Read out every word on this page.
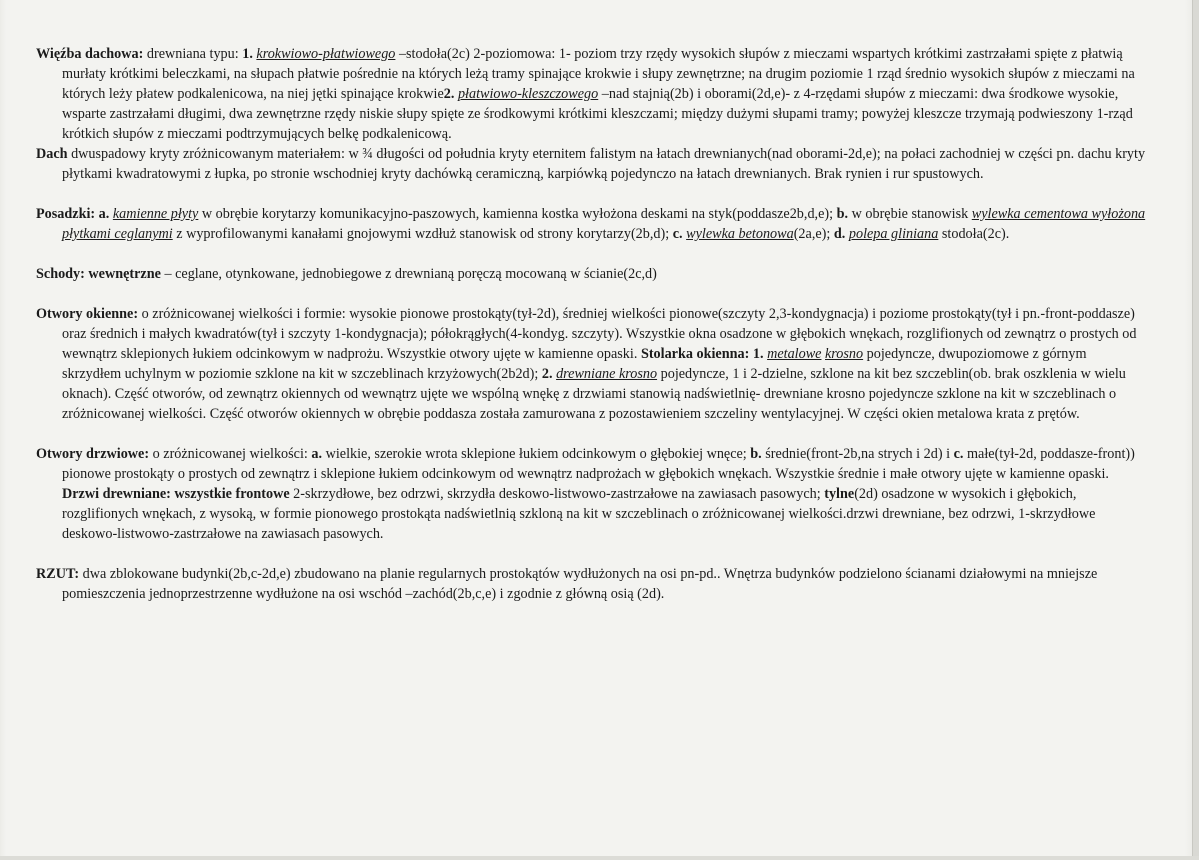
Więźba dachowa: drewniana typu: 1. krokwiowo-płatwiowego –stodoła(2c) 2-poziomowa: 1- poziom trzy rzędy wysokich słupów z mieczami wspartych krótkimi zastrzałami spięte z płatwią murłaty krótkimi beleczkami, na słupach płatwie pośrednie na których leżą tramy spinające krokwie i słupy zewnętrzne; na drugim poziomie 1 rząd średnio wysokich słupów z mieczami na których leży płatew podkalenicowa, na niej jętki spinające krokwie2. płatwiowo-kleszczowego –nad stajnią(2b) i oborami(2d,e)- z 4-rzędami słupów z mieczami: dwa środkowe wysokie, wsparte zastrzałami długimi, dwa zewnętrzne rzędy niskie słupy spięte ze środkowymi krótkimi kleszczami; między dużymi słupami tramy; powyżej kleszcze trzymają podwieszony 1-rząd krótkich słupów z mieczami podtrzymujących belkę podkalenicową.
Dach dwuspadowy kryty zróżnicowanym materiałem: w ¾ długości od południa kryty eternitem falistym na łatach drewnianych(nad oborami-2d,e); na połaci zachodniej w części pn. dachu kryty płytkami kwadratowymi z łupka, po stronie wschodniej kryty dachówką ceramiczną, karpiówką pojedynczo na łatach drewnianych. Brak rynien i rur spustowych.
Posadzki: a. kamienne płyty w obrębie korytarzy komunikacyjno-paszowych, kamienna kostka wyłożona deskami na styk(poddasze2b,d,e); b. w obrębie stanowisk wylewka cementowa wyłożona płytkami ceglanymi z wyprofilowanymi kanałami gnojowymi wzdłuż stanowisk od strony korytarzy(2b,d); c. wylewka betonowa(2a,e); d. polepa gliniana stodoła(2c).
Schody: wewnętrzne – ceglane, otynkowane, jednobiegowe z drewnianą poręczą mocowaną w ścianie(2c,d)
Otwory okienne: o zróżnicowanej wielkości i formie: wysokie pionowe prostokąty(tył-2d), średniej wielkości pionowe(szczyty 2,3-kondygnacja) i poziome prostokąty(tył i pn.-front-poddasze) oraz średnich i małych kwadratów(tył i szczyty 1-kondygnacja); półokrągłych(4-kondyg. szczyty). Wszystkie okna osadzone w głębokich wnękach, rozglifionych od zewnątrz o prostych od wewnątrz sklepionych łukiem odcinkowym w nadprożu. Wszystkie otwory ujęte w kamienne opaski. Stolarka okienna: 1. metalowe krosno pojedyncze, dwupoziomowe z górnym skrzydłem uchylnym w poziomie szklone na kit w szczeblinach krzyżowych(2b2d); 2. drewniane krosno pojedyncze, 1 i 2-dzielne, szklone na kit bez szczeblin(ob. brak oszklenia w wielu oknach). Część otworów, od zewnątrz okiennych od wewnątrz ujęte we wspólną wnękę z drzwiami stanowią nadświetlnię- drewniane krosno pojedyncze szklone na kit w szczeblinach o zróżnicowanej wielkości. Część otworów okiennych w obrębie poddasza została zamurowana z pozostawieniem szczeliny wentylacyjnej. W części okien metalowa krata z prętów.
Otwory drzwiowe: o zróżnicowanej wielkości: a. wielkie, szerokie wrota sklepione łukiem odcinkowym o głębokiej wnęce; b. średnie(front-2b,na strych i 2d) i c. małe(tył-2d, poddasze-front)) pionowe prostokąty o prostych od zewnątrz i sklepione łukiem odcinkowym od wewnątrz nadprożach w głębokich wnękach. Wszystkie średnie i małe otwory ujęte w kamienne opaski. Drzwi drewniane: wszystkie frontowe 2-skrzydłowe, bez odrzwi, skrzydła deskowo-listwowo-zastrzałowe na zawiasach pasowych; tylne(2d) osadzone w wysokich i głębokich, rozglifionych wnękach, z wysoką, w formie pionowego prostokąta nadświetlnią szkloną na kit w szczeblinach o zróżnicowanej wielkości.drzwi drewniane, bez odrzwi, 1-skrzydłowe deskowo-listwowo-zastrzałowe na zawiasach pasowych.
RZUT: dwa zblokowane budynki(2b,c-2d,e) zbudowano na planie regularnych prostokątów wydłużonych na osi pn-pd.. Wnętrza budynków podzielono ścianami działowymi na mniejsze pomieszczenia jednoprzestrzenne wydłużone na osi wschód –zachód(2b,c,e) i zgodnie z główną osią (2d).
